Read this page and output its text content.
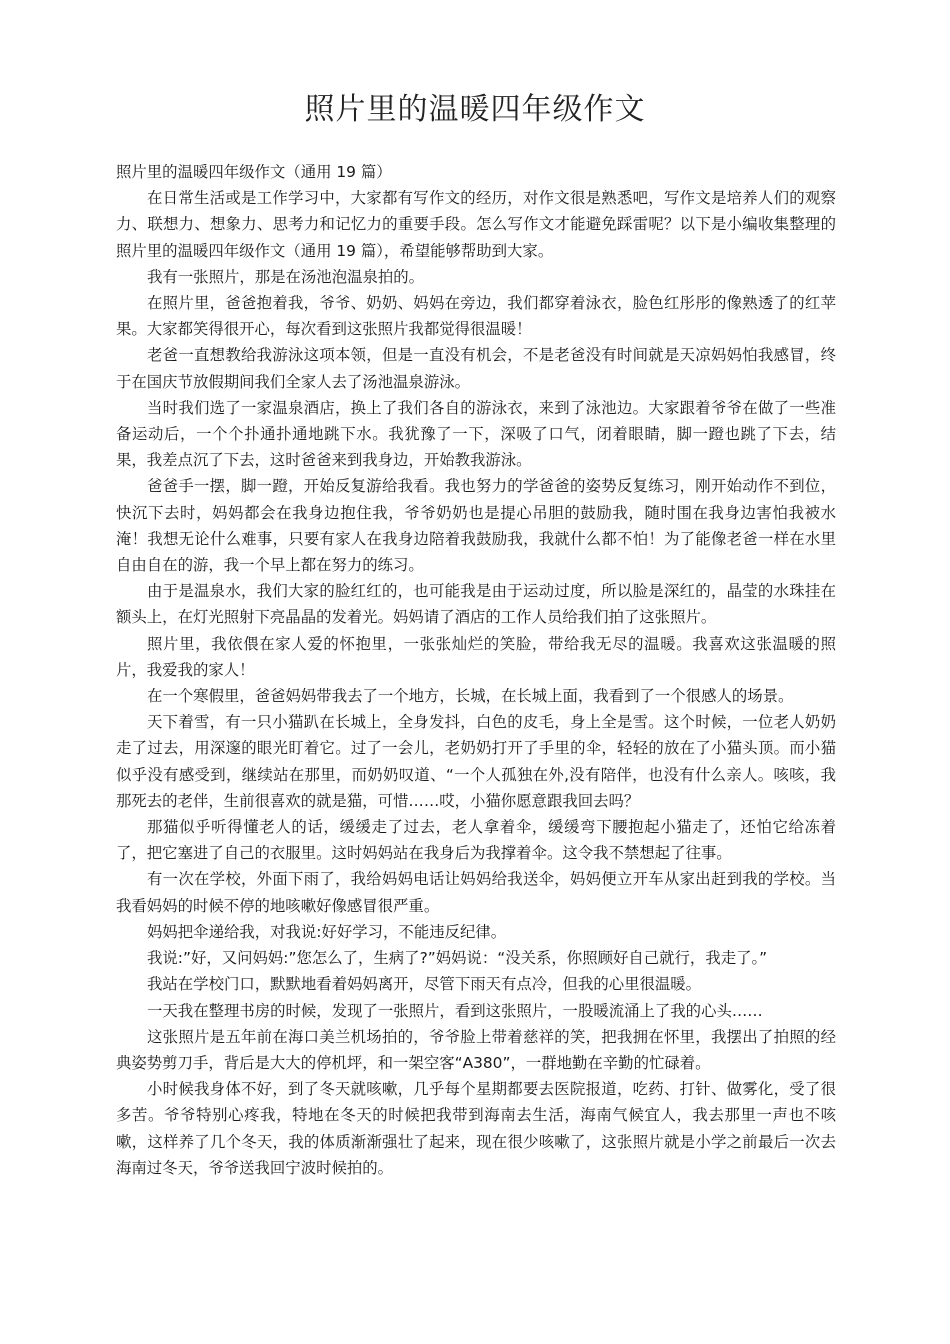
照片里的温暖四年级作文

照片里的温暖四年级作文（通用 19 篇）

在日常生活或是工作学习中，大家都有写作文的经历，对作文很是熟悉吧，写作文是培养人们的观察力、联想力、想象力、思考力和记忆力的重要手段。怎么写作文才能避免踩雷呢？以下是小编收集整理的照片里的温暖四年级作文（通用 19 篇），希望能够帮助到大家。

我有一张照片，那是在汤池泡温泉拍的。

在照片里，爸爸抱着我，爷爷、奶奶、妈妈在旁边，我们都穿着泳衣，脸色红彤彤的像熟透了的红苹果。大家都笑得很开心，每次看到这张照片我都觉得很温暖！

老爸一直想教给我游泳这项本领，但是一直没有机会，不是老爸没有时间就是天凉妈妈怕我感冒，终于在国庆节放假期间我们全家人去了汤池温泉游泳。

当时我们选了一家温泉酒店，换上了我们各自的游泳衣，来到了泳池边。大家跟着爷爷在做了一些准备运动后，一个个扑通扑通地跳下水。我犹豫了一下，深吸了口气，闭着眼睛，脚一蹬也跳了下去，结果，我差点沉了下去，这时爸爸来到我身边，开始教我游泳。

爸爸手一摆，脚一蹬，开始反复游给我看。我也努力的学爸爸的姿势反复练习，刚开始动作不到位，快沉下去时，妈妈都会在我身边抱住我，爷爷奶奶也是提心吊胆的鼓励我，随时围在我身边害怕我被水淹！我想无论什么难事，只要有家人在我身边陪着我鼓励我，我就什么都不怕！为了能像老爸一样在水里自由自在的游，我一个早上都在努力的练习。

由于是温泉水，我们大家的脸红红的，也可能我是由于运动过度，所以脸是深红的，晶莹的水珠挂在额头上，在灯光照射下亮晶晶的发着光。妈妈请了酒店的工作人员给我们拍了这张照片。

照片里，我依偎在家人爱的怀抱里，一张张灿烂的笑脸，带给我无尽的温暖。我喜欢这张温暖的照片，我爱我的家人！

在一个寒假里，爸爸妈妈带我去了一个地方，长城，在长城上面，我看到了一个很感人的场景。

天下着雪，有一只小猫趴在长城上，全身发抖，白色的皮毛，身上全是雪。这个时候，一位老人奶奶走了过去，用深邃的眼光盯着它。过了一会儿，老奶奶打开了手里的伞，轻轻的放在了小猫头顶。而小猫似乎没有感受到，继续站在那里，而奶奶叹道、“一个人孤独在外,没有陪伴，也没有什么亲人。咳咳，我那死去的老伴，生前很喜欢的就是猫，可惜……哎，小猫你愿意跟我回去吗？

那猫似乎听得懂老人的话，缓缓走了过去，老人拿着伞，缓缓弯下腰抱起小猫走了，还怕它给冻着了，把它塞进了自己的衣服里。这时妈妈站在我身后为我撑着伞。这令我不禁想起了往事。

有一次在学校，外面下雨了，我给妈妈电话让妈妈给我送伞，妈妈便立开车从家出赶到我的学校。当我看妈妈的时候不停的地咳嗽好像感冒很严重。

妈妈把伞递给我，对我说:好好学习，不能违反纪律。

我说:”好，又问妈妈:”您怎么了，生病了?”妈妈说：“没关系，你照顾好自己就行，我走了。”

我站在学校门口，默默地看着妈妈离开，尽管下雨天有点冷，但我的心里很温暖。

一天我在整理书房的时候，发现了一张照片，看到这张照片，一股暖流涌上了我的心头……

这张照片是五年前在海口美兰机场拍的，爷爷脸上带着慈祥的笑，把我拥在怀里，我摆出了拍照的经典姿势剪刀手，背后是大大的停机坪，和一架空客“A380”，一群地勤在辛勤的忙碌着。

小时候我身体不好，到了冬天就咳嗽，几乎每个星期都要去医院报道，吃药、打针、做雾化，受了很多苦。爷爷特别心疼我，特地在冬天的时候把我带到海南去生活，海南气候宜人，我去那里一声也不咳嗽，这样养了几个冬天，我的体质渐渐强壮了起来，现在很少咳嗽了，这张照片就是小学之前最后一次去海南过冬天，爷爷送我回宁波时候拍的。
